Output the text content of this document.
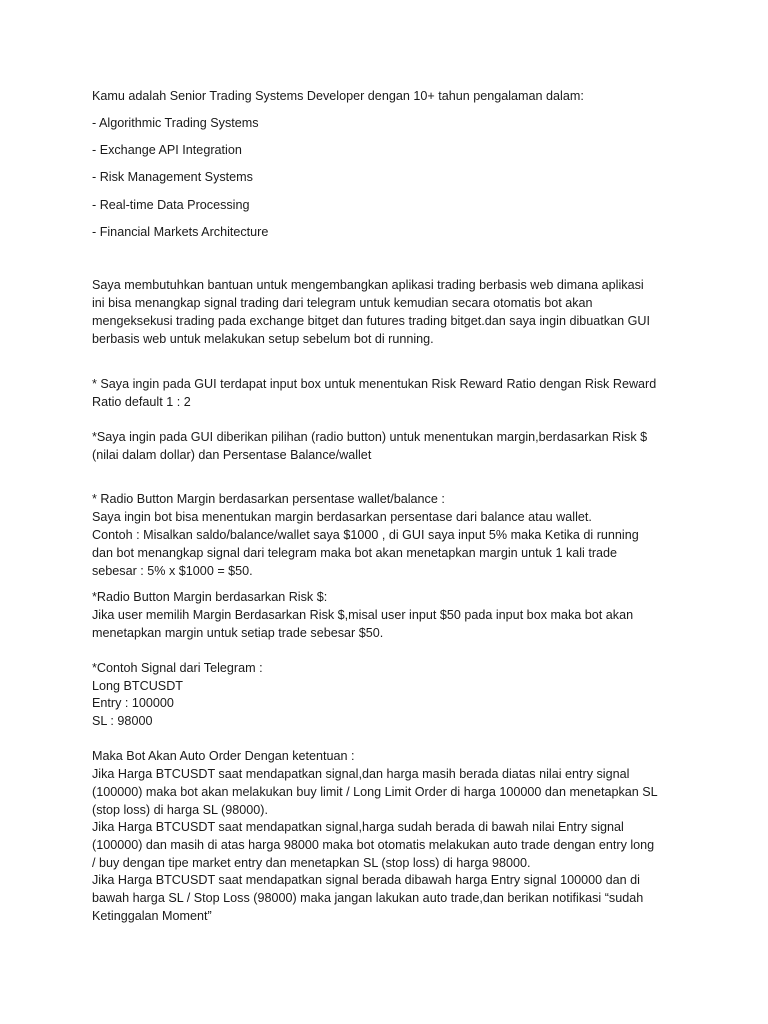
Kamu adalah Senior Trading Systems Developer dengan 10+ tahun pengalaman dalam:
- Algorithmic Trading Systems
- Exchange API Integration
- Risk Management Systems
- Real-time Data Processing
- Financial Markets Architecture
Saya membutuhkan bantuan untuk mengembangkan aplikasi trading berbasis web dimana aplikasi
ini bisa menangkap signal trading dari telegram untuk kemudian secara otomatis bot akan
mengeksekusi trading pada exchange bitget dan futures trading bitget.dan saya ingin dibuatkan GUI
berbasis web untuk melakukan setup sebelum bot di running.
* Saya ingin pada GUI terdapat input box untuk menentukan Risk Reward Ratio dengan Risk Reward
Ratio default 1 : 2
*Saya ingin pada GUI diberikan pilihan (radio button) untuk menentukan margin,berdasarkan Risk $
(nilai dalam dollar) dan Persentase Balance/wallet
* Radio Button Margin berdasarkan persentase wallet/balance :
Saya ingin bot bisa menentukan margin berdasarkan persentase dari balance atau wallet.
Contoh : Misalkan saldo/balance/wallet saya $1000 , di GUI saya input 5% maka Ketika di running
dan bot menangkap signal dari telegram maka bot akan menetapkan margin untuk 1 kali trade
sebesar : 5% x $1000 = $50.
*Radio Button Margin berdasarkan Risk $:
Jika user memilih Margin Berdasarkan Risk $,misal user input $50 pada input box maka bot akan
menetapkan margin untuk setiap trade sebesar $50.
*Contoh Signal dari Telegram :
Long BTCUSDT
Entry : 100000
SL : 98000
Maka Bot Akan Auto Order Dengan ketentuan :
Jika Harga BTCUSDT saat mendapatkan signal,dan harga masih berada diatas nilai entry signal
(100000) maka bot akan melakukan buy limit / Long Limit Order di harga 100000 dan menetapkan SL
(stop loss) di harga SL (98000).
Jika Harga BTCUSDT saat mendapatkan signal,harga sudah berada di bawah nilai Entry signal
(100000) dan masih di atas harga 98000 maka bot otomatis melakukan auto trade dengan entry long
/ buy dengan tipe market entry dan menetapkan SL (stop loss) di harga 98000.
Jika Harga BTCUSDT saat mendapatkan signal berada dibawah harga Entry signal 100000 dan di
bawah harga SL / Stop Loss (98000) maka jangan lakukan auto trade,dan berikan notifikasi “sudah
Ketinggalan Moment”
